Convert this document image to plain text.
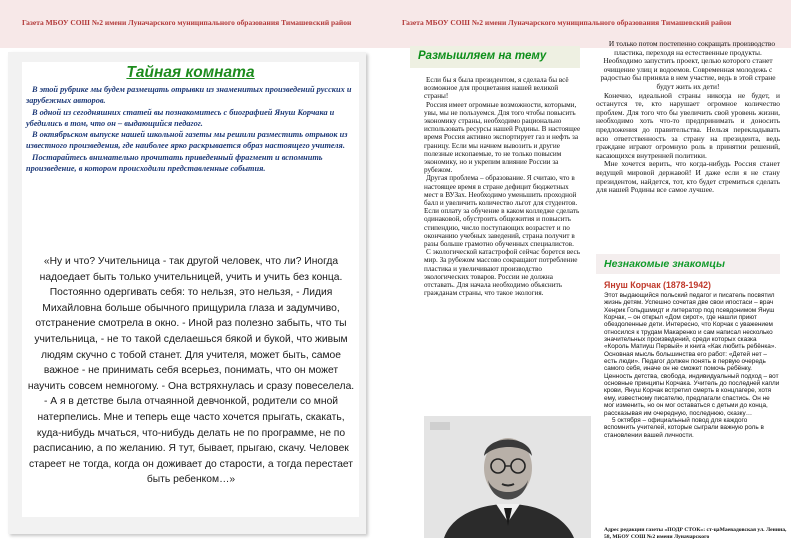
Газета МБОУ СОШ №2 имени Луначарского муниципального образования Тимашевский район	Газета МБОУ СОШ №2 имени Луначарского муниципального образования Тимашевский район
Тайная комната

В этой рубрике мы будем размещать отрывки из знаменитых произведений русских и зарубежных авторов.

В одной из сегодняшних статей вы познакомитесь с биографией Януш Корчака и убедились в том, что он – выдающийся педагог.

В октябрьском выпуске нашей школьной газеты мы решили разместить отрывок из известного произведения, где наиболее ярко раскрывается образ настоящего учителя.

Постарайтесь внимательно прочитать приведенный фрагмент и вспомнить произведение, в котором происходили представленные события.

«Ну и что? Учительница - так другой человек, что ли? Иногда надоедает быть только учительницей, учить и учить без конца. Постоянно одергивать себя: то нельзя, это нельзя, - Лидия Михайловна больше обычного прищурила глаза и задумчиво, отстранение смотрела в окно. - Иной раз полезно забыть, что ты учительница, - не то такой сделаешься бякой и букой, что живым людям скучно с тобой станет. Для учителя, может быть, самое важное - не принимать себя всерьез, понимать, что он может научить совсем немногому. - Она встряхнулась и сразу повеселела. - А я в детстве была отчаянной девчонкой, родители со мной натерпелись. Мне и теперь еще часто хочется прыгать, скакать, куда-нибудь мчаться, что-нибудь делать не по программе, не по расписанию, а по желанию. Я тут, бывает, прыгаю, скачу. Человек стареет не тогда, когда он доживает до старости, а тогда перестает быть ребенком…»
Размышляем на тему

Если бы я была президентом, я сделала бы всё возможное для процветания нашей великой страны!

Россия имеет огромные возможности, которыми, увы, мы не пользуемся. Для того чтобы повысить экономику страны, необходимо рационально использовать ресурсы нашей Родины. В настоящее время Россия активно экспортирует газ и нефть за границу. Если мы начнем вывозить и другие полезные ископаемые, то не только повысим экономику, но и укрепим влияние России за рубежом.

Другая проблема – образование. Я считаю, что в настоящее время в стране дефицит бюджетных мест в ВУЗах. Необходимо уменьшить проходной балл и увеличить количество льгот для студентов. Если оплату за обучение в каком колледже сделать одинаковой, обустроить общежития и повысить стипендию, число поступающих возрастет и по окончанию учебных заведений, страна получит в разы больше грамотно обученных специалистов.

С экологической катастрофой сейчас борется весь мир. За рубежом массово сокращают потребление пластика и увеличивают производство экологических товаров. России не должна отставать. Для начала необходимо объяснить гражданам страны, что такое экология.

И только потом постепенно сокращать производство пластика, переходя на естественные продукты. Необходимо запустить проект, целью которого станет очищение улиц и водоемов. Современная молодежь с радостью бы приняла в нем участие, ведь в этой стране будут жить их дети!

Конечно, идеальной страны никогда не будет, и останутся те, кто нарушает огромное количество проблем. Для того что бы увеличить свой уровень жизни, необходимо хоть что-то предпринимать и доносить предложения до правительства. Нельзя перекладывать всю ответственность за страну на президента, ведь граждане играют огромную роль в принятии решений, касающихся внутренней политики.

Мне хочется верить, что когда-нибудь Россия станет ведущей мировой державой! И даже если я не стану президентом, найдется, тот, кто будет стремиться сделать для нашей Родины все самое лучшее.

Незнакомые знакомцы
Януш Корчак (1878-1942)

Этот выдающийся польский педагог и писатель посвятил жизнь детям. Успешно сочетая две свои ипостаси – врач Хенрик Гольдшмидт и литератор под псевдонимом Януш Корчак, – он открыл «Дом сирот», где нашли приют обездоленные дети. Интересно, что Корчак с уважением относился к трудам Макаренко и сам написал несколько значительных произведений, среди которых сказка «Король Матиуш Первый» и книга «Как любить ребёнка». Основная мысль большинства его работ: «Детей нет – есть люди». Педагог должен понять в первую очередь самого себя, иначе он не сможет помочь ребёнку. Ценность детства, свобода, индивидуальный подход – вот основные принципы Корчака. Учитель до последней капли крови, Януш Корчак встретил смерть в концлагере, хотя ему, известному писателю, предлагали спастись. Он не мог изменить, но он мог оставаться с детьми до конца, рассказывая им очередную, последнюю, сказку…

5 октября – официальный повод для каждого вспомнить учителей, которые сыграли важную роль в становлении вашей личности.

Адрес редакции газеты «ПОДР СТОК»: ст-цаМаевадовская ул. Ленина, 58, МБОУ СОШ №2 имени Луначарского
